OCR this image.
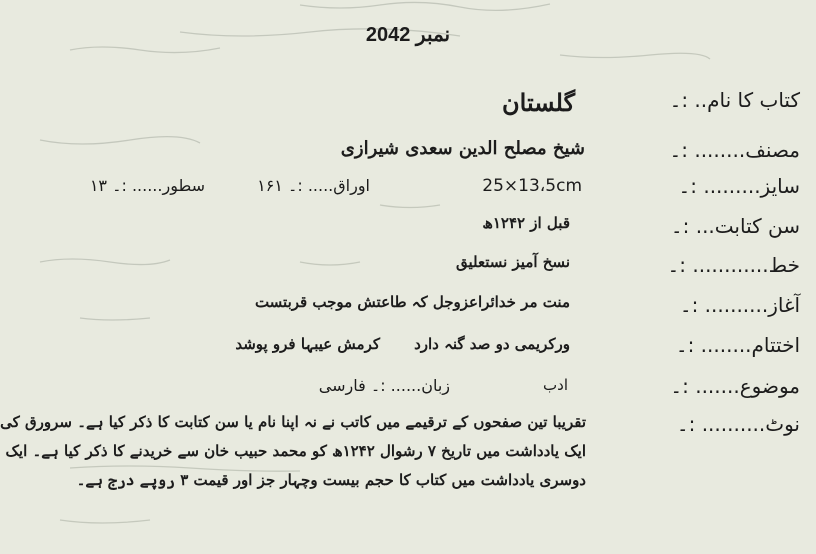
نمبر 2042
کتاب کا نام.. :۔
گلستان
مصنف........ :۔
شیخ مصلح الدین سعدی شیرازی
سایز......... :۔
25×13،5cm
اوراق..... :۔ ۱۶۱
سطور...... :۔ ۱۳
سن کتابت... :۔
قبل از ۱۲۴۲ھ
خط............ :۔
نسخ آمیز نستعلیق
آغاز.......... :۔
منت مر خدائراعزوجل کہ طاعتش موجب قربتست
اختتام........ :۔
ورکریمی دو صد گنہ دارد
کرمش عیبہا فرو پوشد
موضوع....... :۔
ادب
زبان...... :۔ فارسی
نوٹ.......... :۔
تقریبا تین صفحوں کے ترقیمے میں کاتب نے نہ اپنا نام یا سن کتابت کا ذکر کیا ہے۔ سرورق کی
ایک یادداشت میں تاریخ ۷ رشوال ۱۲۴۲ھ کو محمد حبیب خان سے خریدنے کا ذکر کیا ہے۔ ایک
دوسری یادداشت میں کتاب کا حجم بیست وچہار جز اور قیمت ۳ روپے درج ہے۔
